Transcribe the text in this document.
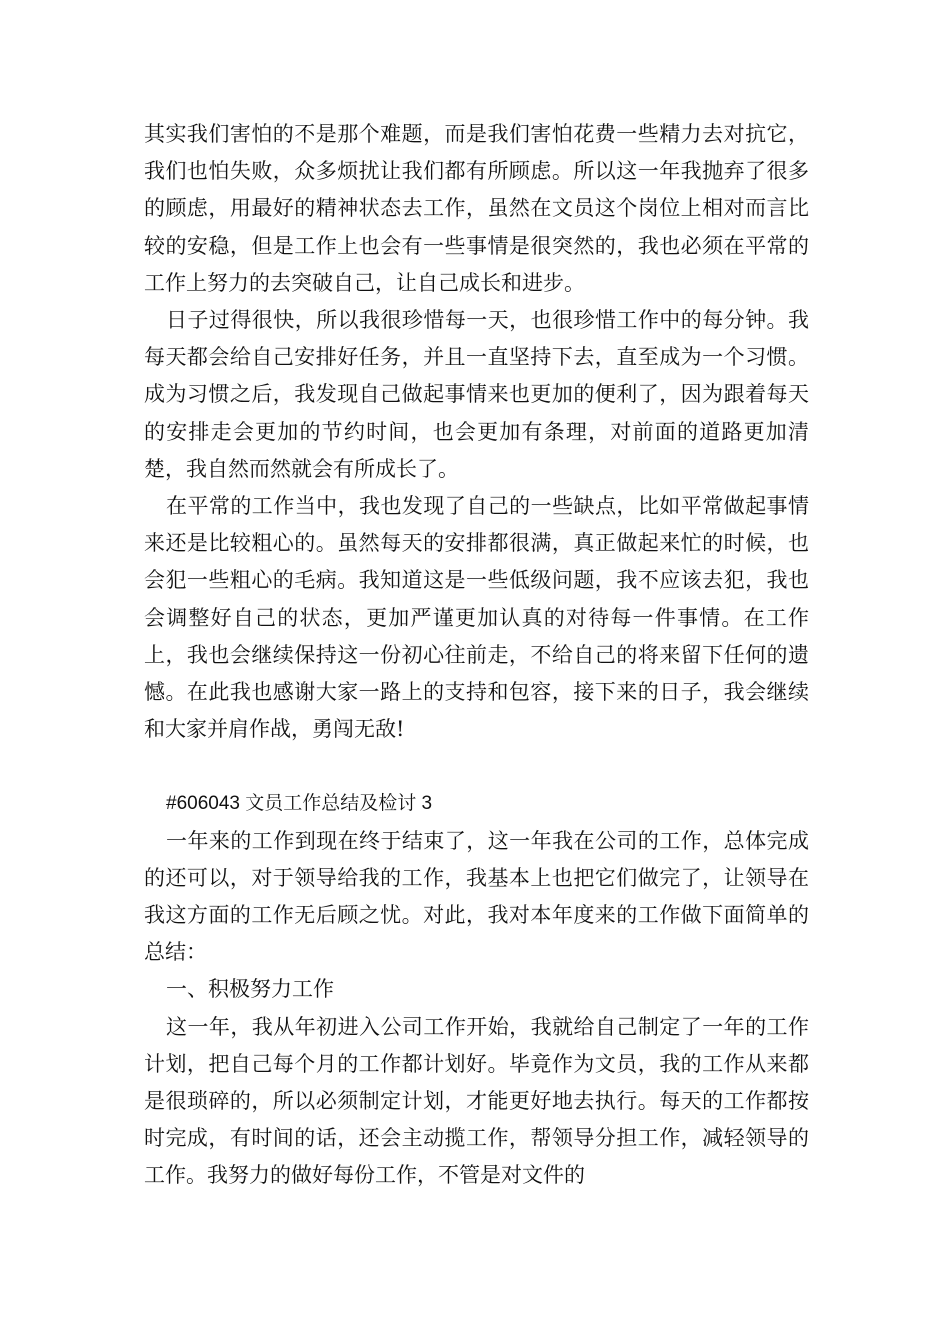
其实我们害怕的不是那个难题，而是我们害怕花费一些精力去对抗它，我们也怕失败，众多烦扰让我们都有所顾虑。所以这一年我抛弃了很多的顾虑，用最好的精神状态去工作，虽然在文员这个岗位上相对而言比较的安稳，但是工作上也会有一些事情是很突然的，我也必须在平常的工作上努力的去突破自己，让自己成长和进步。

日子过得很快，所以我很珍惜每一天，也很珍惜工作中的每分钟。我每天都会给自己安排好任务，并且一直坚持下去，直至成为一个习惯。成为习惯之后，我发现自己做起事情来也更加的便利了，因为跟着每天的安排走会更加的节约时间，也会更加有条理，对前面的道路更加清楚，我自然而然就会有所成长了。

在平常的工作当中，我也发现了自己的一些缺点，比如平常做起事情来还是比较粗心的。虽然每天的安排都很满，真正做起来忙的时候，也会犯一些粗心的毛病。我知道这是一些低级问题，我不应该去犯，我也会调整好自己的状态，更加严谨更加认真的对待每一件事情。在工作上，我也会继续保持这一份初心往前走，不给自己的将来留下任何的遗憾。在此我也感谢大家一路上的支持和包容，接下来的日子，我会继续和大家并肩作战，勇闯无敌!

#606043 文员工作总结及检讨 3

一年来的工作到现在终于结束了，这一年我在公司的工作，总体完成的还可以，对于领导给我的工作，我基本上也把它们做完了，让领导在我这方面的工作无后顾之忧。对此，我对本年度来的工作做下面简单的总结：

一、积极努力工作

这一年，我从年初进入公司工作开始，我就给自己制定了一年的工作计划，把自己每个月的工作都计划好。毕竟作为文员，我的工作从来都是很琐碎的，所以必须制定计划，才能更好地去执行。每天的工作都按时完成，有时间的话，还会主动揽工作，帮领导分担工作，减轻领导的工作。我努力的做好每份工作，不管是对文件的
